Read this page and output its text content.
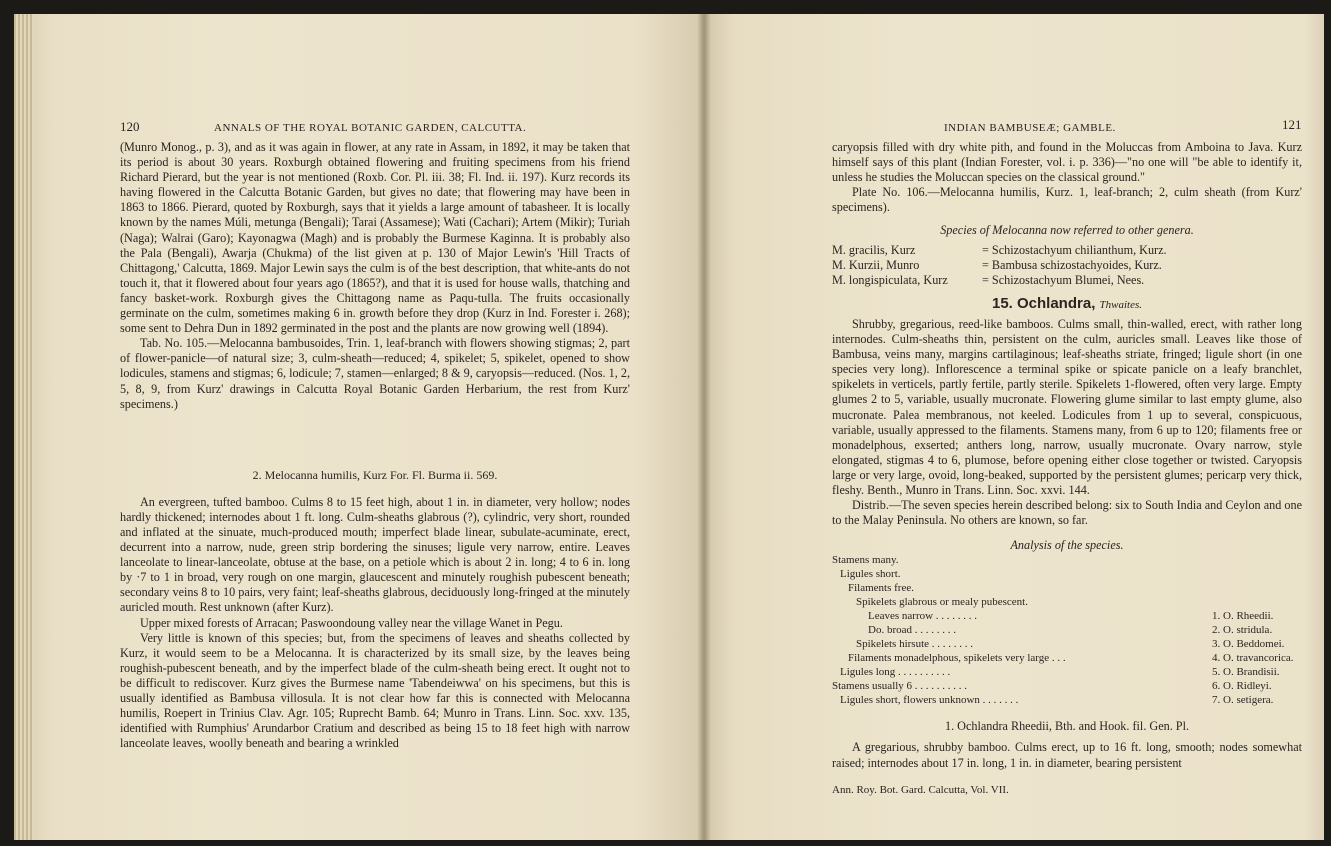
120	ANNALS OF THE ROYAL BOTANIC GARDEN, CALCUTTA.

(Munro Monog., p. 3), and as it was again in flower, at any rate in Assam, in 1892, it may be taken that its period is about 30 years. Roxburgh obtained flowering and fruiting specimens from his friend Richard Pierard, but the year is not mentioned (Roxb. Cor. Pl. iii. 38; Fl. Ind. ii. 197). Kurz records its having flowered in the Calcutta Botanic Garden, but gives no date; that flowering may have been in 1863 to 1866. Pierard, quoted by Roxburgh, says that it yields a large amount of tabasheer. It is locally known by the names Múli, metunga (Bengali); Tarai (Assamese); Wati (Cachari); Artem (Mikir); Turiah (Naga); Walrai (Garo); Kayonagwa (Magh) and is probably the Burmese Kaginna. It is probably also the Pala (Bengali), Awarja (Chukma) of the list given at p. 130 of Major Lewin's 'Hill Tracts of Chittagong,' Calcutta, 1869. Major Lewin says the culm is of the best description, that white-ants do not touch it, that it flowered about four years ago (1865?), and that it is used for house walls, thatching and fancy basket-work. Roxburgh gives the Chittagong name as Paqu-tulla. The fruits occasionally germinate on the culm, sometimes making 6 in. growth before they drop (Kurz in Ind. Forester i. 268); some sent to Dehra Dun in 1892 germinated in the post and the plants are now growing well (1894).

Tab. No. 105.—Melocanna bambusoides, Trin. 1, leaf-branch with flowers showing stigmas; 2, part of flower-panicle—of natural size; 3, culm-sheath—reduced; 4, spikelet; 5, spikelet, opened to show lodicules, stamens and stigmas; 6, lodicule; 7, stamen—enlarged; 8 & 9, caryopsis—reduced. (Nos. 1, 2, 5, 8, 9, from Kurz' drawings in Calcutta Royal Botanic Garden Herbarium, the rest from Kurz' specimens.)

2. Melocanna humilis, Kurz For. Fl. Burma ii. 569.

An evergreen, tufted bamboo. Culms 8 to 15 feet high, about 1 in. in diameter, very hollow; nodes hardly thickened; internodes about 1 ft. long. Culm-sheaths glabrous (?), cylindric, very short, rounded and inflated at the sinuate, much-produced mouth; imperfect blade linear, subulate-acuminate, erect, decurrent into a narrow, nude, green strip bordering the sinuses; ligule very narrow, entire. Leaves lanceolate to linear-lanceolate, obtuse at the base, on a petiole which is about 2 in. long; 4 to 6 in. long by ·7 to 1 in broad, very rough on one margin, glaucescent and minutely roughish pubescent beneath; secondary veins 8 to 10 pairs, very faint; leaf-sheaths glabrous, deciduously long-fringed at the minutely auricled mouth. Rest unknown (after Kurz).

Upper mixed forests of Arracan; Paswoondoung valley near the village Wanet in Pegu.

Very little is known of this species; but, from the specimens of leaves and sheaths collected by Kurz, it would seem to be a Melocanna. It is characterized by its small size, by the leaves being roughish-pubescent beneath, and by the imperfect blade of the culm-sheath being erect. It ought not to be difficult to rediscover. Kurz gives the Burmese name 'Tabendeiwwa' on his specimens, but this is usually identified as Bambusa villosula. It is not clear how far this is connected with Melocanna humilis, Roepert in Trinius Clav. Agr. 105; Ruprecht Bamb. 64; Munro in Trans. Linn. Soc. xxv. 135, identified with Rumphius' Arundarbor Cratium and described as being 15 to 18 feet high with narrow lanceolate leaves, woolly beneath and bearing a wrinkled

INDIAN BAMBUSEÆ; GAMBLE.	121

caryopsis filled with dry white pith, and found in the Moluccas from Amboina to Java. Kurz himself says of this plant (Indian Forester, vol. i. p. 336)—"no one will "be able to identify it, unless he studies the Moluccan species on the classical ground."

Plate No. 106.—Melocanna humilis, Kurz. 1, leaf-branch; 2, culm sheath (from Kurz' specimens).

Species of Melocanna now referred to other genera.

M. gracilis, Kurz	= Schizostachyum chilianthum, Kurz.
M. Kurzii, Munro	= Bambusa schizostachyoides, Kurz.
M. longispiculata, Kurz	= Schizostachyum Blumei, Nees.

15. Ochlandra, Thwaites.

Shrubby, gregarious, reed-like bamboos. Culms small, thin-walled, erect, with rather long internodes. Culm-sheaths thin, persistent on the culm, auricles small. Leaves like those of Bambusa, veins many, margins cartilaginous; leaf-sheaths striate, fringed; ligule short (in one species very long). Inflorescence a terminal spike or spicate panicle on a leafy branchlet, spikelets in verticels, partly fertile, partly sterile. Spikelets 1-flowered, often very large. Empty glumes 2 to 5, variable, usually mucronate. Flowering glume similar to last empty glume, also mucronate. Palea membranous, not keeled. Lodicules from 1 up to several, conspicuous, variable, usually appressed to the filaments. Stamens many, from 6 up to 120; filaments free or monadelphous, exserted; anthers long, narrow, usually mucronate. Ovary narrow, style elongated, stigmas 4 to 6, plumose, before opening either close together or twisted. Caryopsis large or very large, ovoid, long-beaked, supported by the persistent glumes; pericarp very thick, fleshy. Benth., Munro in Trans. Linn. Soc. xxvi. 144.

Distrib.—The seven species herein described belong: six to South India and Ceylon and one to the Malay Peninsula. No others are known, so far.

Analysis of the species.

Stamens many.
Ligules short.
Filaments free.
Spikelets glabrous or mealy pubescent.
Leaves narrow . . . . . . . .	1. O. Rheedii.
Do. broad . . . . . . . .	2. O. stridula.
Spikelets hirsute . . . . . . . .	3. O. Beddomei.
Filaments monadelphous, spikelets very large . . .	4. O. travancorica.
Ligules long . . . . . . . . . .	5. O. Brandisii.
Stamens usually 6 . . . . . . . . . .	6. O. Ridleyi.
Ligules short, flowers unknown . . . . . . .	7. O. setigera.

1. Ochlandra Rheedii, Bth. and Hook. fil. Gen. Pl.

A gregarious, shrubby bamboo. Culms erect, up to 16 ft. long, smooth; nodes somewhat raised; internodes about 17 in. long, 1 in. in diameter, bearing persistent

Ann. Roy. Bot. Gard. Calcutta, Vol. VII.
